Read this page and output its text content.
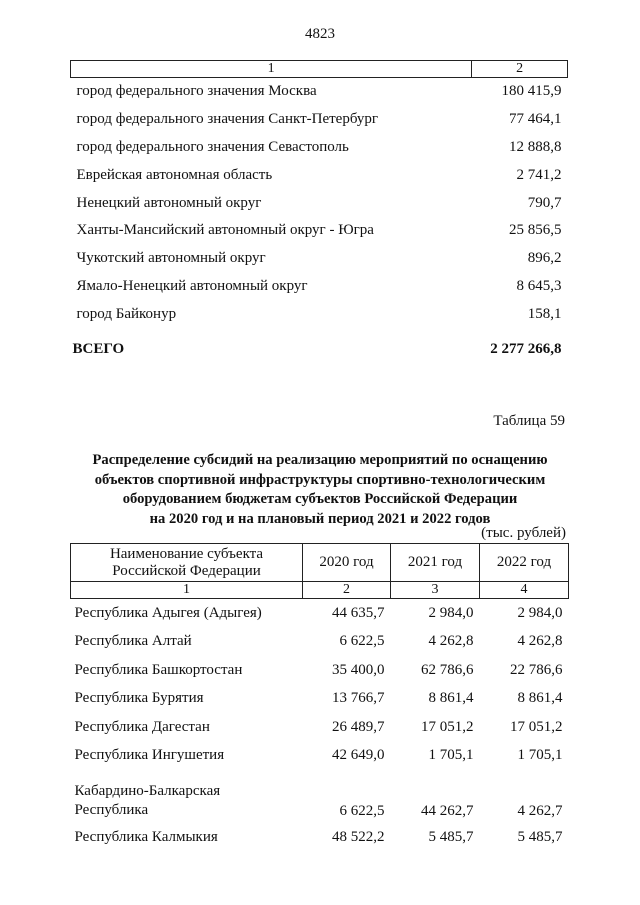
4823
1	2
город федерального значения Москва	180 415,9
город федерального значения Санкт-Петербург	77 464,1
город федерального значения Севастополь	12 888,8
Еврейская автономная область	2 741,2
Ненецкий автономный округ	790,7
Ханты-Мансийский автономный округ - Югра	25 856,5
Чукотский автономный округ	896,2
Ямало-Ненецкий автономный округ	8 645,3
город Байконур	158,1
ВСЕГО	2 277 266,8
Таблица 59
Распределение субсидий на реализацию мероприятий по оснащению
объектов спортивной инфраструктуры спортивно-технологическим
оборудованием бюджетам субъектов Российской Федерации
на 2020 год и на плановый период 2021 и 2022 годов
(тыс. рублей)
Наименование субъекта Российской Федерации	2020 год	2021 год	2022 год
1	2	3	4
Республика Адыгея (Адыгея)	44 635,7	2 984,0	2 984,0
Республика Алтай	6 622,5	4 262,8	4 262,8
Республика Башкортостан	35 400,0	62 786,6	22 786,6
Республика Бурятия	13 766,7	8 861,4	8 861,4
Республика Дагестан	26 489,7	17 051,2	17 051,2
Республика Ингушетия	42 649,0	1 705,1	1 705,1
Кабардино-Балкарская Республика	6 622,5	44 262,7	4 262,7
Республика Калмыкия	48 522,2	5 485,7	5 485,7
